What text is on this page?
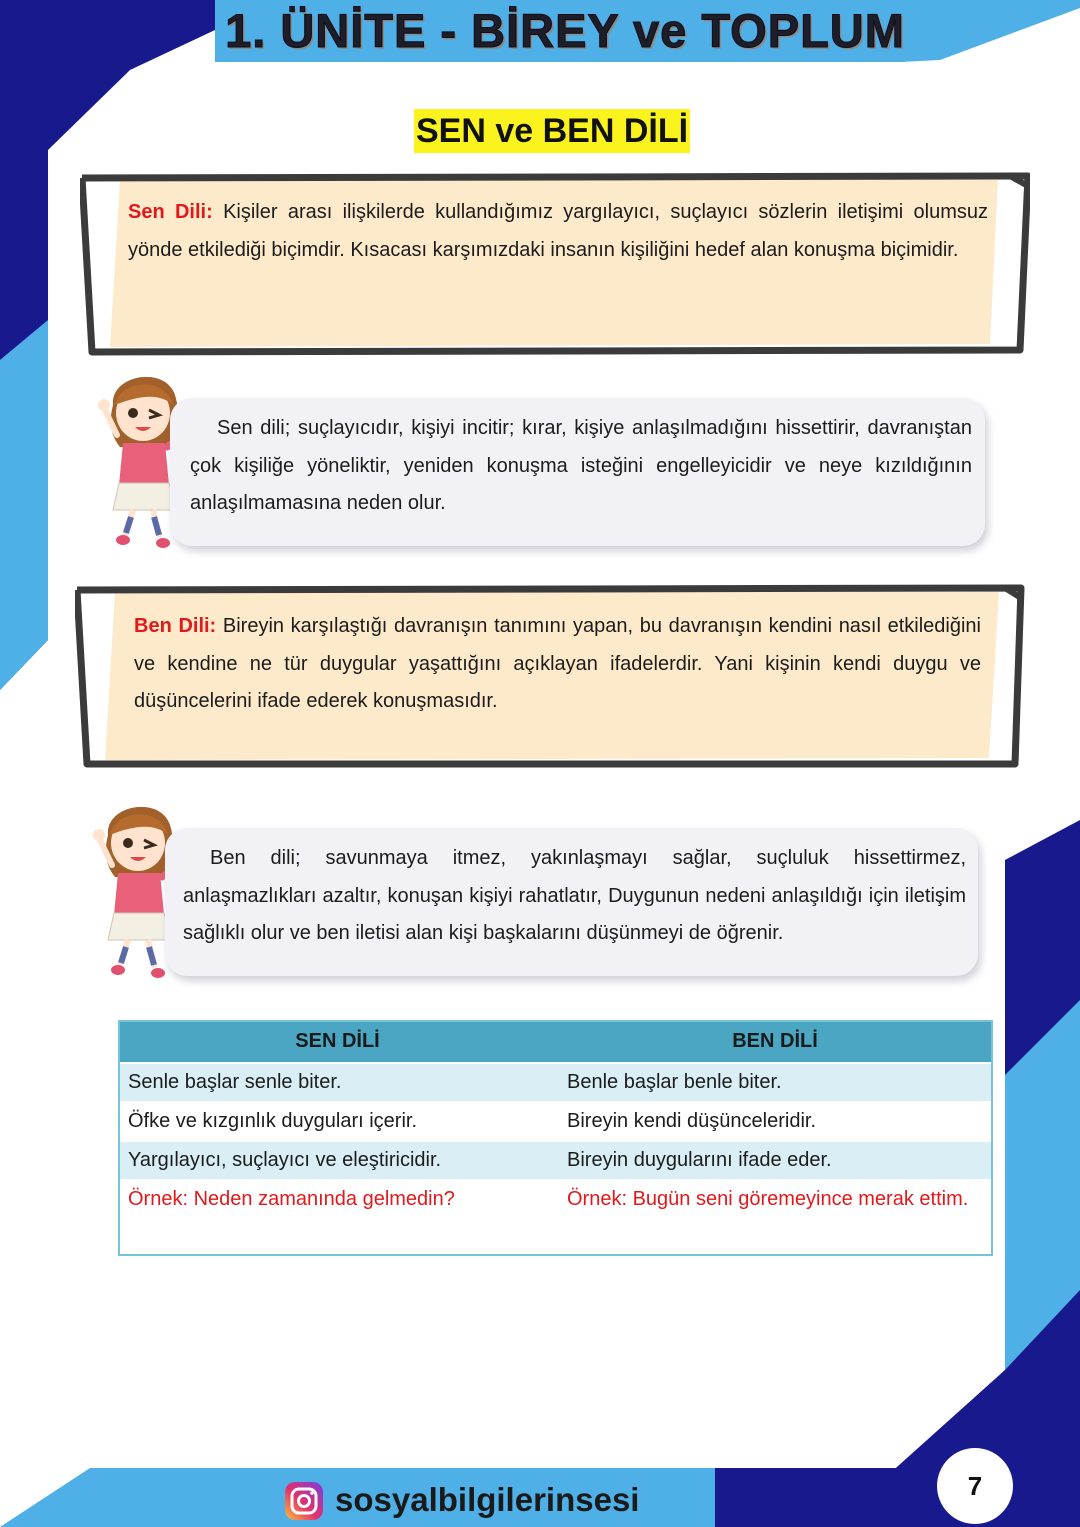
1. ÜNİTE - BİREY ve TOPLUM
SEN ve BEN DİLİ
Sen Dili: Kişiler arası ilişkilerde kullandığımız yargılayıcı, suçlayıcı sözlerin iletişimi olumsuz yönde etkilediği biçimdir. Kısacası karşımızdaki insanın kişiliğini hedef alan konuşma biçimidir.
Sen dili; suçlayıcıdır, kişiyi incitir; kırar, kişiye anlaşılmadığını hissettirir, davranıştan çok kişiliğe yöneliktir, yeniden konuşma isteğini engelleyicidir ve neye kızıldığının anlaşılmamasına neden olur.
Ben Dili: Bireyin karşılaştığı davranışın tanımını yapan, bu davranışın kendini nasıl etkilediğini ve kendine ne tür duygular yaşattığını açıklayan ifadelerdir. Yani kişinin kendi duygu ve düşüncelerini ifade ederek konuşmasıdır.
Ben dili; savunmaya itmez, yakınlaşmayı sağlar, suçluluk hissettirmez, anlaşmazlıkları azaltır, konuşan kişiyi rahatlatır, Duygunun nedeni anlaşıldığı için iletişim sağlıklı olur ve ben iletisi alan kişi başkalarını düşünmeyi de öğrenir.
SEN DİLİ	BEN DİLİ
Senle başlar senle biter.	Benle başlar benle biter.
Öfke ve kızgınlık duyguları içerir.	Bireyin kendi düşünceleridir.
Yargılayıcı, suçlayıcı ve eleştiricidir.	Bireyin duygularını ifade eder.
Örnek: Neden zamanında gelmedin?	Örnek: Bugün seni göremeyince merak ettim.
sosyalbilgilerinsesi	7
